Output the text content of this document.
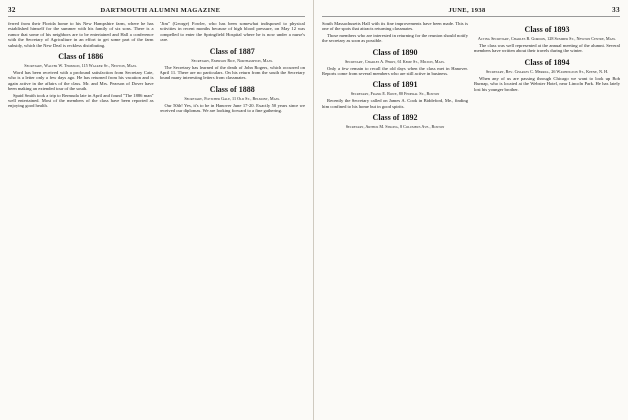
32	DARTMOUTH ALUMNI MAGAZINE

ferred from their Florida home to his New Hampshire farm, where he has established himself for the summer with his family of six sons. There is a rumor that some of his neighbors are to be entertained and Hall a conference with the Secretary of Agriculture in an effort to get some part of the farm subsidy, which the New Deal is reckless distributing.

Class of 1886
Secretary, Walter W. Thomson, 115 Walker St., Newton, Mass.

Word has been received with a profound satisfaction from Secretary Cate, who is a letter only a few days ago. He has returned from his vacation and is again active in the affairs of the class. Mr. and Mrs. Pearson of Dover have been making an extended tour of the south.

Spaid Smith took a trip to Bermuda late in April and found "The 1886 man" well entertained. Most of the members of the class have been reported as enjoying good health.

"Jim" (George) Fowler, who has been somewhat indisposed to physical activities in recent months because of high blood pressure, on May 12 was compelled to enter the Springfield Hospital where he is now under a nurse's care.

Class of 1887
Secretary, Emerson Rice, Northampton, Mass.

The Secretary has learned of the death of John Rogers, which occurred on April 11. There are no particulars. On his return from the south the Secretary found many interesting letters from classmates.

Class of 1888
Secretary, Fletcher Gale, 11 Old St., Belmont, Mass.

Our 50th! Yes, it's to be in Hanover June 17-20. Exactly 50 years since we received our diplomas. We are looking forward to a fine gathering.

JUNE, 1938	33

South Massachusetts Hall with its fine improvements have been made. This is one of the spots that attracts returning classmates.

Those members who are interested in returning for the reunion should notify the secretary as soon as possible.

Class of 1890
Secretary, Charles A. Perry, 61 Kemp St., Milton, Mass.

Only a few remain to recall the old days when the class met in Hanover. Reports come from several members who are still active in business.

Class of 1891
Secretary, Frank E. Rowe, 80 Federal St., Boston

Recently the Secretary called on James A. Cook in Biddeford, Me., finding him confined to his home but in good spirits.

Class of 1892
Secretary, Arthur M. Strong, 8 Columbus Ave., Boston
Class of 1893
Acting Secretary, Charles B. Gordon, 128 Summer St., Newton Centre, Mass.

The class was well represented at the annual meeting of the alumni. Several members have written about their travels during the winter.

Class of 1894
Secretary, Rev. Charles C. Merrill, 26 Washington St., Keene, N. H.

When any of us are passing through Chicago we want to look up Bob Burnap, who is located at the Webster Hotel, near Lincoln Park. He has lately lost his younger brother.
